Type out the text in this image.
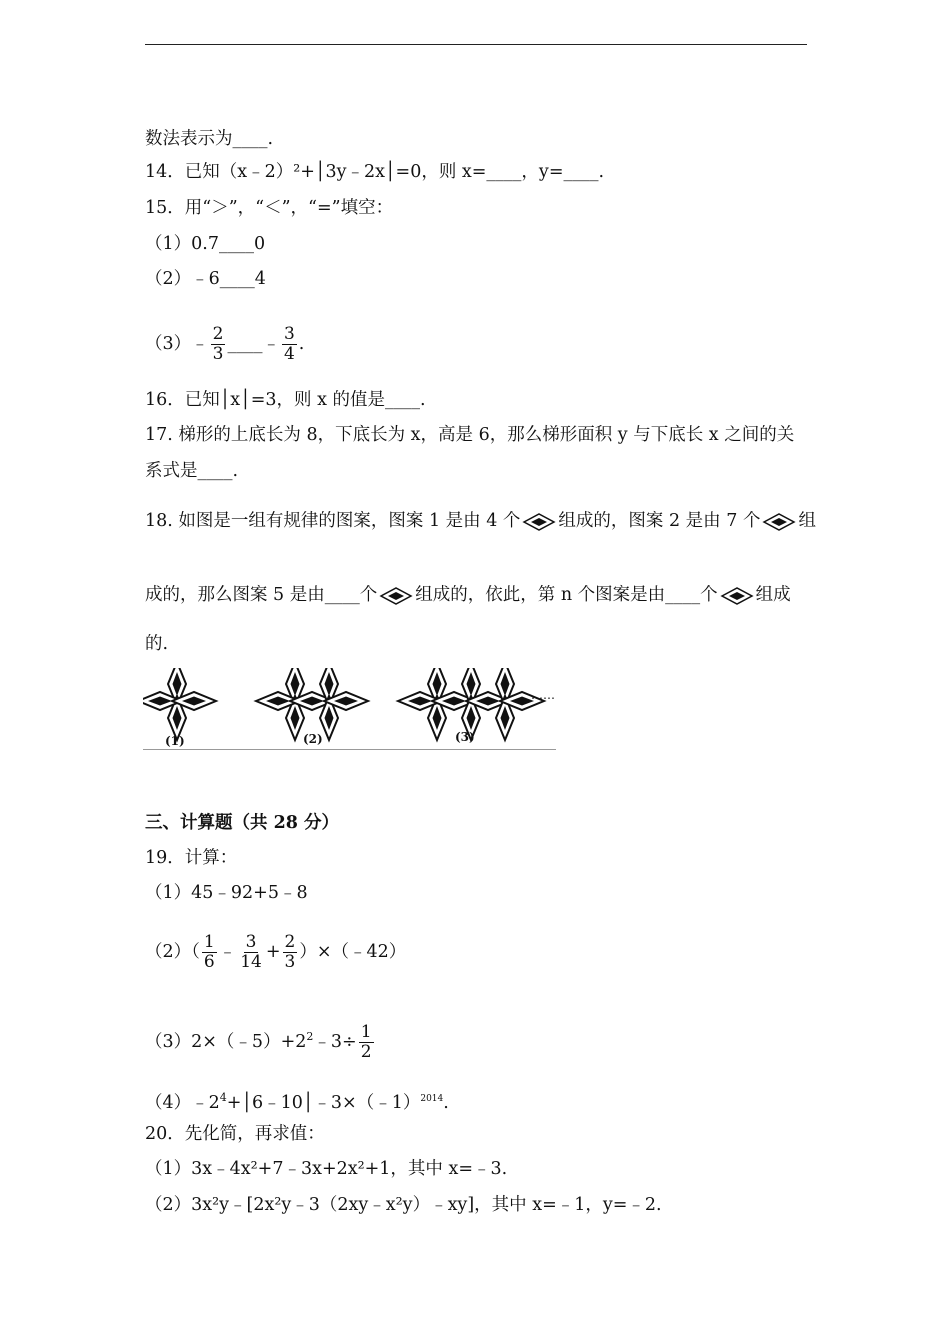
数法表示为____.
14．已知（x﹣2）²+│3y﹣2x│=0，则 x=____，y=____.
15．用“＞”，“＜”，“=”填空：
（1）0.7____0
（2）﹣6____4
（3）﹣ $\frac{2}{3}$ ____﹣ $\frac{3}{4}$ .
16．已知│x│=3，则 x 的值是____.
17. 梯形的上底长为 8，下底长为 x，高是 6，那么梯形面积 y 与下底长 x 之间的关
系式是____.
18. 如图是一组有规律的图案，图案 1 是由 4 个 组成的，图案 2 是由 7 个 组
成的，那么图案 5 是由____个 组成的，依此，第 n 个图案是由____个 组成
的.
(1)	(2)	(3)
……
三、计算题（共 28 分）
19．计算：
（1）45﹣92+5﹣8
$(2)( \frac{1}{6}$ ﹣ $\frac{3}{14} + \frac{2}{3}$ ）×（﹣42）
$(3)2\times(﹣5)+2^2﹣3\div \frac{1}{2}$
$(4)﹣2^4+│6﹣10│﹣3\times(﹣1)^{2014}$.
20．先化简，再求值：
（1）3x﹣4x²+7﹣3x+2x²+1，其中 x=﹣3.
（2）3x²y﹣[2x²y﹣3（2xy﹣x²y）﹣xy]，其中 x=﹣1，y=﹣2.
